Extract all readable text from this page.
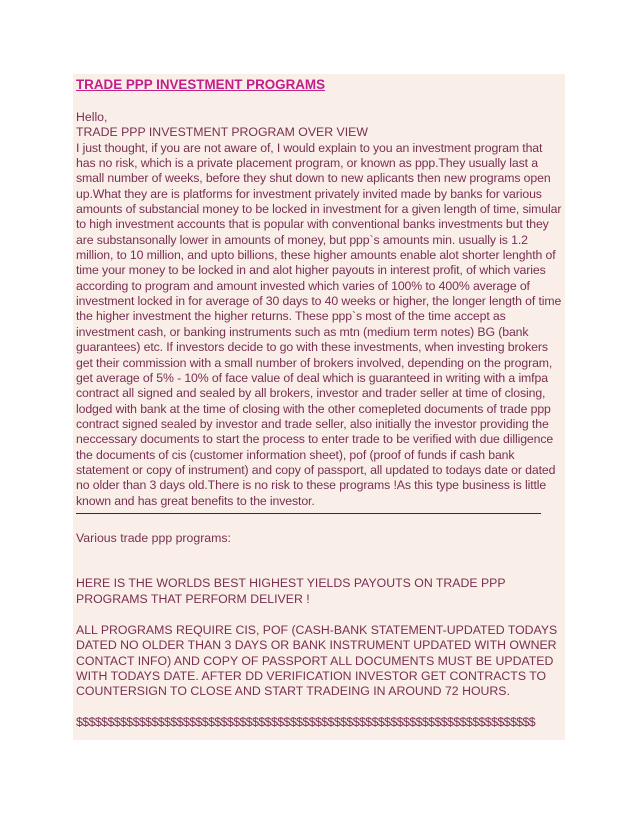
TRADE PPP INVESTMENT PROGRAMS

Hello,

TRADE PPP INVESTMENT PROGRAM OVER VIEW

I just thought, if you are not aware of, I would explain to you an investment program that has no risk, which is a private placement program, or known as ppp.They usually last a small number of weeks, before they shut down to new aplicants then new programs open up.What they are is platforms for investment privately invited made by banks for various amounts of substancial money to be locked in investment for a given length of time, simular to high investment accounts that is popular with conventional banks investments but they are substansonally lower in amounts of money, but ppp`s amounts min. usually is 1.2 million, to 10 million, and upto billions, these higher amounts enable alot shorter lenghth of time your money to be locked in and alot higher payouts in interest profit, of which varies according to program and amount invested which varies of 100% to 400% average of investment locked in for average of 30 days to 40 weeks or higher, the longer length of time the higher investment the higher returns. These ppp`s most of the time accept as investment cash, or banking instruments such as mtn (medium term notes) BG (bank guarantees) etc. If investors decide to go with these investments, when investing brokers get their commission with a small number of brokers involved, depending on the program, get average of 5% - 10% of face value of deal which is guaranteed in writing with a imfpa contract all signed and sealed by all brokers, investor and trader seller at time of closing, lodged with bank at the time of closing with the other comepleted documents of trade ppp contract signed sealed by investor and trade seller, also initially the investor providing the neccessary documents to start the process to enter trade to be verified with due dilligence the documents of cis (customer information sheet), pof (proof of funds if cash bank statement or copy of instrument) and copy of passport, all updated to todays date or dated no older than 3 days old.There is no risk to these programs !As this type business is little known and has great benefits to the investor.

Various trade ppp programs:

HERE IS THE WORLDS BEST HIGHEST YIELDS PAYOUTS ON TRADE PPP PROGRAMS THAT PERFORM DELIVER !

ALL PROGRAMS REQUIRE CIS, POF (CASH-BANK STATEMENT-UPDATED TODAYS DATED NO OLDER THAN 3 DAYS OR BANK INSTRUMENT UPDATED WITH OWNER CONTACT INFO) AND COPY OF PASSPORT ALL DOCUMENTS MUST BE UPDATED WITH TODAYS DATE. AFTER DD VERIFICATION INVESTOR GET CONTRACTS TO COUNTERSIGN TO CLOSE AND START TRADEING IN AROUND 72 HOURS.

$$$$$$$$$$$$$$$$$$$$$$$$$$$$$$$$$$$$$$$$$$$$$$$$$$$$$$$$$$$$$$$$$$$$$$$$$
